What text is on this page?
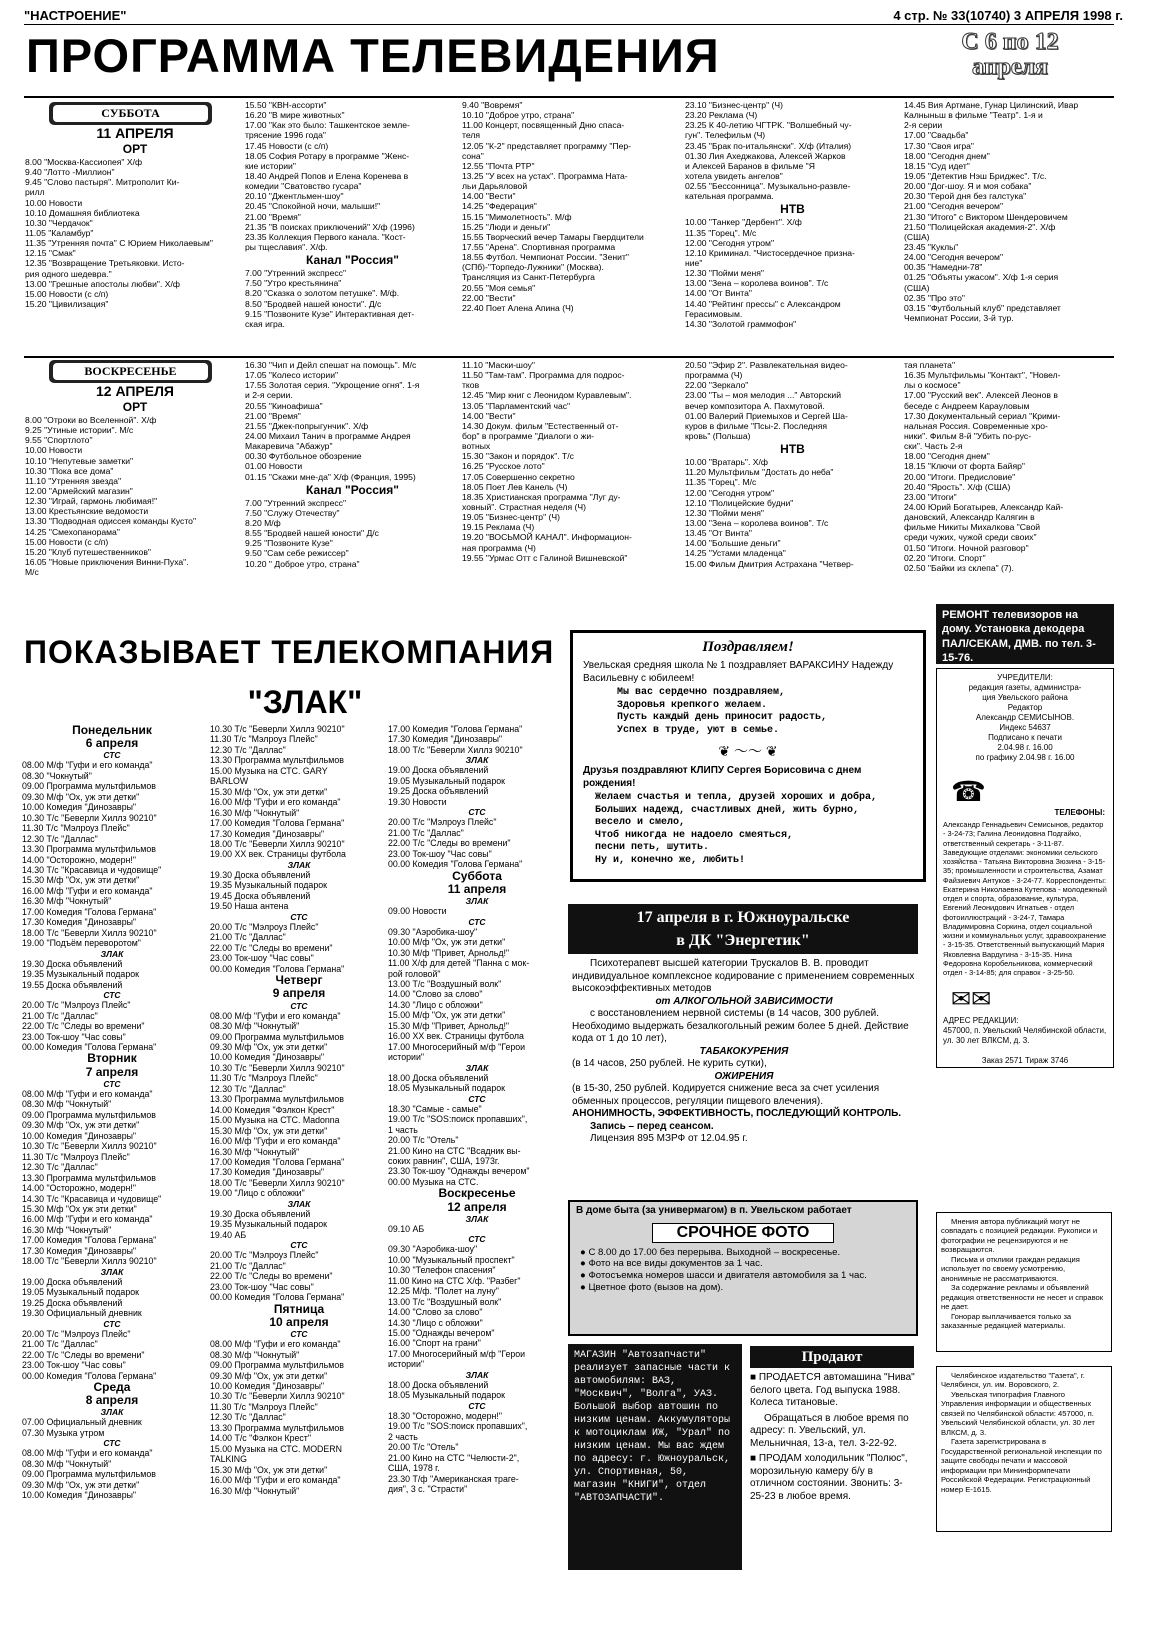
"НАСТРОЕНИЕ"	4 стр. № 33(10740) 3 АПРЕЛЯ 1998 г.
ПРОГРАММА ТЕЛЕВИДЕНИЯ	С 6 по 12 апреля
СУББОТА
11 АПРЕЛЯ
ОРТ
8.00 "Москва-Кассиопея" Х/ф
9.40 "Лотто -Миллион"
9.45 "Слово пастыря". Митрополит Ки-
рилл
10.00 Новости
10.10 Домашняя библиотека
10.30 "Чердачок"
11.05 "Каламбур"
11.35 "Утренняя почта" С Юрием Николаевым"
12.15 "Смак"
12.35 "Возвращение Третьяковки. Исто-
рия одного шедевра."
13.00 "Грешные апостолы любви". Х/ф
15.00 Новости (с с/п)
15.20 "Цивилизация"
15.50 "КВН-ассорти"
16.20 "В мире животных"
17.00 "Как это было: Ташкентское земле-
трясение 1996 года"
17.45 Новости (с с/п)
18.05 София Ротару в программе "Женс-
кие истории"
18.40 Андрей Попов и Елена Коренева в
комедии "Сватовство гусара"
20.10 "Джентльмен-шоу"
20.45 "Спокойной ночи, малыши!"
21.00 "Время"
21.35 "В поисках приключений" Х/ф (1996)
23.35 Коллекция Первого канала. "Кост-
ры тщеславия". Х/ф.
Канал "Россия"
7.00 "Утренний экспресс"
7.50 "Утро крестьянина"
8.20 "Сказка о золотом петушке". М/ф.
8.50 "Бродвей нашей юности". Д/с
9.15 "Позвоните Кузе" Интерактивная дет-
ская игра.
9.40 "Вовремя"
10.10 "Доброе утро, страна"
11.00 Концерт, посвященный Дню спаса-
теля
12.05 "К-2" представляет программу "Пер-
сона"
12.55 "Почта РТР"
13.25 "У всех на устах". Программа Ната-
льи Дарьяловой
14.00 "Вести"
14.25 "Федерация"
15.15 "Мимолетность". М/ф
15.25 "Люди и деньги"
15.55 Творческий вечер Тамары Гвердцители
17.55 "Арена". Спортивная программа
18.55 Футбол. Чемпионат России. "Зенит"
(СПб)-"Торпедо-Лужники" (Москва).
Трансляция из Санкт-Петербурга
20.55 "Моя семья"
22.00 "Вести"
22.40 Поет Алена Апина (Ч)
23.10 "Бизнес-центр" (Ч)
23.20 Реклама (Ч)
23.25 К 40-летию ЧГТРК. "Волшебный чу-
гун". Телефильм (Ч)
23.45 "Брак по-итальянски". Х/ф (Италия)
01.30 Лия Ахеджакова, Алексей Жарков
и Алексей Баранов в фильме "Я
хотела увидеть ангелов"
02.55 "Бессонница". Музыкально-развле-
кательная программа.
НТВ
10.00 "Танкер "Дербент". Х/ф
11.35 "Горец". М/с
12.00 "Сегодня утром"
12.10 Криминал. "Чистосердечное призна-
ние"
12.30 "Пойми меня"
13.00 "Зена – королева воинов". Т/с
14.00 "От Винта"
14.40 "Рейтинг прессы" с Александром
Герасимовым.
14.30 "Золотой граммофон"
14.45 Вия Артмане, Гунар Цилинский, Ивар
Калныньш в фильме "Театр". 1-я и
2-я серии
17.00 "Свадьба"
17.30 "Своя игра"
18.00 "Сегодня днем"
18.15 "Суд идет"
19.05 "Детектив Нэш Бриджес". Т/с.
20.00 "Дог-шоу. Я и моя собака"
20.30 "Герой дня без галстука"
21.00 "Сегодня вечером"
21.30 "Итого" с Виктором Шендеровичем
21.50 "Полицейская академия-2". Х/ф
(США)
23.45 "Куклы"
24.00 "Сегодня вечером"
00.35 "Намедни-78"
01.25 "Объяты ужасом". Х/ф 1-я серия
(США)
02.35 "Про это"
03.15 "Футбольный клуб" представляет
Чемпионат России, 3-й тур.
ВОСКРЕСЕНЬЕ
12 АПРЕЛЯ
ОРТ
8.00 "Отроки во Вселенной". Х/ф
9.25 "Утиные истории". М/с
9.55 "Спортлото"
10.00 Новости
10.10 "Непутевые заметки"
10.30 "Пока все дома"
11.10 "Утренняя звезда"
12.00 "Армейский магазин"
12.30 "Играй, гармонь любимая!"
13.00 Крестьянские ведомости
13.30 "Подводная одиссея команды Кусто"
14.25 "Смехопанорама"
15.00 Новости (с с/п)
15.20 "Клуб путешественников"
16.05 "Новые приключения Винни-Пуха".
М/с
16.30 "Чип и Дейл спешат на помощь". М/с
17.05 "Колесо истории"
17.55 Золотая серия. "Укрощение огня". 1-я
и 2-я серии.
20.55 "Киноафиша"
21.00 "Время"
21.55 "Джек-попрыгунчик". Х/ф
24.00 Михаил Танич в программе Андрея
Макаревича "Абажур"
00.30 Футбольное обозрение
01.00 Новости
01.15 "Скажи мне-да" Х/ф (Франция, 1995)
Канал "Россия"
7.00 "Утренний экспресс"
7.50 "Служу Отечеству"
8.20 М/ф
8.55 "Бродвей нашей юности" Д/с
9.25 "Позвоните Кузе"
9.50 "Сам себе режиссер"
10.20 " Доброе утро, страна"
11.10 "Маски-шоу"
11.50 "Там-там". Программа для подрос-
тков
12.45 "Мир книг с Леонидом Куравлевым".
13.05 "Парламентский час"
14.00 "Вести"
14.30 Докум. фильм "Естественный от-
бор" в программе "Диалоги о жи-
вотных
15.30 "Закон и порядок". Т/с
16.25 "Русское лото"
17.05 Совершенно секретно
18.05 Поет Лев Канель (Ч)
18.35 Христианская программа "Луг ду-
ховный". Страстная неделя (Ч)
19.05 "Бизнес-центр" (Ч)
19.15 Реклама (Ч)
19.20 "ВОСЬМОЙ КАНАЛ". Информацион-
ная программа (Ч)
19.55 "Урмас Отт с Галиной Вишневской"
20.50 "Эфир 2". Развлекательная видео-
программа (Ч)
22.00 "Зеркало"
23.00 "Ты – моя мелодия ..." Авторский
вечер композитора А. Пахмутовой.
01.00 Валерий Приемыхов и Сергей Ша-
куров в фильме "Псы-2. Последняя
кровь" (Польша)
НТВ
10.00 "Вратарь". Х/ф
11.20 Мультфильм "Достать до неба"
11.35 "Горец". М/с
12.00 "Сегодня утром"
12.10 "Полицейские будни"
12.30 "Пойми меня"
13.00 "Зена – королева воинов". Т/с
13.45 "От Винта"
14.00 "Большие деньги"
14.25 "Устами младенца"
15.00 Фильм Дмитрия Астрахана "Четвер-
тая планета"
16.35 Мультфильмы "Контакт", "Новел-
лы о космосе"
17.00 "Русский век". Алексей Леонов в
беседе с Андреем Карауловым
17.30 Документальный сериал "Крими-
нальная Россия. Современные хро-
ники". Фильм 8-й "Убить по-рус-
ски". Часть 2-я
18.00 "Сегодня днем"
18.15 "Ключи от форта Байяр"
20.00 "Итоги. Предисловие"
20.40 "Ярость". Х/ф (США)
23.00 "Итоги"
24.00 Юрий Богатырев, Александр Кай-
дановский, Александр Калягин в
фильме Никиты Михалкова "Свой
среди чужих, чужой среди своих"
01.50 "Итоги. Ночной разговор"
02.20 "Итоги. Спорт"
02.50 "Байки из склепа" (7).
ПОКАЗЫВАЕТ ТЕЛЕКОМПАНИЯ
"ЗЛАК"
Понедельник
6 апреля
СТС
08.00 М/ф "Гуфи и его команда"
08.30 "Чокнутый"
09.00 Программа мультфильмов
09.30 М/ф "Ох, уж эти детки"
10.00 Комедия "Динозавры"
10.30 Т/с "Беверли Хиллз 90210"
11.30 Т/с "Мэлроуз Плейс"
12.30 Т/с "Даллас"
13.30 Программа мультфильмов
14.00 "Осторожно, модерн!"
14.30 Т/с "Красавица и чудовище"
15.30 М/ф "Ох, уж эти детки"
16.00 М/ф "Гуфи и его команда"
16.30 М/ф "Чокнутый"
17.00 Комедия "Голова Германа"
17.30 Комедия "Динозавры"
18.00 Т/с "Беверли Хиллз 90210"
19.00 "Подъём переворотом"
ЗЛАК
19.30 Доска объявлений
19.35 Музыкальный подарок
19.55 Доска объявлений
СТС
20.00 Т/с "Мэлроуз Плейс"
21.00 Т/с "Даллас"
22.00 Т/с "Следы во времени"
23.00 Ток-шоу "Час совы"
00.00 Комедия "Голова Германа"
Вторник
7 апреля
СТС
08.00 М/ф "Гуфи и его команда"
08.30 М/ф "Чокнутый"
09.00 Программа мультфильмов
09.30 М/ф "Ох, уж эти детки"
10.00 Комедия "Динозавры"
10.30 Т/с "Беверли Хиллз 90210"
11.30 Т/с "Мэлроуз Плейс"
12.30 Т/с "Даллас"
13.30 Программа мультфильмов
14.00 "Осторожно, модерн!"
14.30 Т/с "Красавица и чудовище"
15.30 М/ф "Ох уж эти детки"
16.00 М/ф "Гуфи и его команда"
16.30 М/ф "Чокнутый"
17.00 Комедия "Голова Германа"
17.30 Комедия "Динозавры"
18.00 Т/с "Беверли Хиллз 90210"
ЗЛАК
19.00 Доска объявлений
19.05 Музыкальный подарок
19.25 Доска объявлений
19.30 Официальный дневник
СТС
20.00 Т/с "Мэлроуз Плейс"
21.00 Т/с "Даллас"
22.00 Т/с "Следы во времени"
23.00 Ток-шоу "Час совы"
00.00 Комедия "Голова Германа"
Среда
8 апреля
ЗЛАК
07.00 Официальный дневник
07.30 Музыка утром
СТС
08.00 М/ф "Гуфи и его команда"
08.30 М/ф "Чокнутый"
09.00 Программа мультфильмов
09.30 М/ф "Ох, уж эти детки"
10.00 Комедия "Динозавры"
10.30 Т/с "Беверли Хиллз 90210"
11.30 Т/с "Мэлроуз Плейс"
12.30 Т/с "Даллас"
13.30 Программа мультфильмов
15.00 Музыка на СТС. GARY
BARLOW
15.30 М/ф "Ох, уж эти детки"
16.00 М/ф "Гуфи и его команда"
16.30 М/ф "Чокнутый"
17.00 Комедия "Голова Германа"
17.30 Комедия "Динозавры"
18.00 Т/с "Беверли Хиллз 90210"
19.00 ХХ век. Страницы футбола
ЗЛАК
19.30 Доска объявлений
19.35 Музыкальный подарок
19.45 Доска объявлений
19.50 Наша антена
СТС
20.00 Т/с "Мэлроуз Плейс"
21.00 Т/с "Даллас"
22.00 Т/с "Следы во времени"
23.00 Ток-шоу "Час совы"
00.00 Комедия "Голова Германа"
Четверг
9 апреля
СТС
08.00 М/ф "Гуфи и его команда"
08.30 М/ф "Чокнутый"
09.00 Программа мультфильмов
09.30 М/ф "Ох, уж эти детки"
10.00 Комедия "Динозавры"
10.30 Т/с "Беверли Хиллз 90210"
11.30 Т/с "Мэлроуз Плейс"
12.30 Т/с "Даллас"
13.30 Программа мультфильмов
14.00 Комедия "Фэлкон Крест"
15.00 Музыка на СТС. Madonna
15.30 М/ф "Ох, уж эти детки"
16.00 М/ф "Гуфи и его команда"
16.30 М/ф "Чокнутый"
17.00 Комедия "Голова Германа"
17.30 Комедия "Динозавры"
18.00 Т/с "Беверли Хиллз 90210"
19.00 "Лицо с обложки"
ЗЛАК
19.30 Доска объявлений
19.35 Музыкальный подарок
19.40 АБ
СТС
20.00 Т/с "Мэлроуз Плейс"
21.00 Т/с "Даллас"
22.00 Т/с "Следы во времени"
23.00 Ток-шоу "Час совы"
00.00 Комедия "Голова Германа"
Пятница
10 апреля
СТС
08.00 М/ф "Гуфи и его команда"
08.30 М/ф "Чокнутый"
09.00 Программа мультфильмов
09.30 М/ф "Ох, уж эти детки"
10.00 Комедия "Динозавры"
10.30 Т/с "Беверли Хиллз 90210"
11.30 Т/с "Мэлроуз Плейс"
12.30 Т/с "Даллас"
13.30 Программа мультфильмов
14.00 Т/с "Фэлкон Крест"
15.00 Музыка на СТС. MODERN
TALKING
15.30 М/ф "Ох, уж эти детки"
16.00 М/ф "Гуфи и его команда"
16.30 М/ф "Чокнутый"
17.00 Комедия "Голова Германа"
17.30 Комедия "Динозавры"
18.00 Т/с "Беверли Хиллз 90210"
ЗЛАК
19.00 Доска объявлений
19.05 Музыкальный подарок
19.25 Доска объявлений
19.30 Новости
СТС
20.00 Т/с "Мэлроуз Плейс"
21.00 Т/с "Даллас"
22.00 Т/с "Следы во времени"
23.00 Ток-шоу "Час совы"
00.00 Комедия "Голова Германа"
Суббота
11 апреля
ЗЛАК
09.00 Новости
СТС
09.30 "Аэробика-шоу"
10.00 М/ф "Ох, уж эти детки"
10.30 М/ф "Привет, Арнольд!"
11.00 Х/ф для детей "Панна с мок-
рой головой"
13.00 Т/с "Воздушный волк"
14.00 "Слово за слово"
14.30 "Лицо с обложки"
15.00 М/ф "Ох, уж эти детки"
15.30 М/ф "Привет, Арнольд!"
16.00 ХХ век. Страницы футбола
17.00 Многосерийный м/ф "Герои
истории"
ЗЛАК
18.00 Доска объявлений
18.05 Музыкальный подарок
СТС
18.30 "Самые - самые"
19.00 Т/с "SOS:поиск пропавших",
1 часть
20.00 Т/с "Отель"
21.00 Кино на СТС "Всадник вы-
соких равнин", США, 1973г.
23.30 Ток-шоу "Однажды вечером"
00.00 Музыка на СТС.
Воскресенье
12 апреля
ЗЛАК
09.10 АБ
СТС
09.30 "Аэробика-шоу"
10.00 "Музыкальный проспект"
10.30 "Телефон спасения"
11.00 Кино на СТС Х/ф. "Разбег"
12.25 М/ф. "Полет на луну"
13.00 Т/с "Воздушный волк"
14.00 "Слово за слово"
14.30 "Лицо с обложки"
15.00 "Однажды вечером"
16.00 "Спорт на грани"
17.00 Многосерийный м/ф "Герои
истории"
ЗЛАК
18.00 Доска объявлений
18.05 Музыкальный подарок
СТС
18.30 "Осторожно, модерн!"
19.00 Т/с "SOS:поиск пропавших",
2 часть
20.00 Т/с "Отель"
21.00 Кино на СТС "Челюсти-2",
США, 1978 г.
23.30 Т/ф "Американская траге-
дия", 3 с. "Страсти"
Поздравляем!
Увельская средняя школа № 1 поздравляет ВАРАКСИНУ Надежду Васильевну с юбилеем!
Мы вас сердечно поздравляем,
Здоровья крепкого желаем.
Пусть каждый день приносит радость,
Успех в труде, уют в семье.
❦ ～～ ❦
Друзья поздравляют КЛИПУ Сергея Борисовича с днем рождения!
Желаем счастья и тепла, друзей хороших и добра,
Больших надежд, счастливых дней, жить бурно,
весело и смело,
Чтоб никогда не надоело смеяться,
песни петь, шутить.
Ну и, конечно же, любить!
17 апреля в г. Южноуральске
в ДК "Энергетик"
Психотерапевт высшей категории Трускалов В. В. проводит индивидуальное комплексное кодирование с применением современных высокоэффективных методов
от АЛКОГОЛЬНОЙ ЗАВИСИМОСТИ
с восстановлением нервной системы (в 14 часов, 300 рублей. Необходимо выдержать безалкогольный режим более 5 дней. Действие кода от 1 до 10 лет),
ТАБАКОКУРЕНИЯ
(в 14 часов, 250 рублей. Не курить сутки),
ОЖИРЕНИЯ
(в 15-30, 250 рублей. Кодируется снижение веса за счет усиления обменных процессов, регуляции пищевого влечения).
АНОНИМНОСТЬ, ЭФФЕКТИВНОСТЬ, ПОСЛЕДУЮЩИЙ КОНТРОЛЬ.
Запись – перед сеансом.
Лицензия 895 МЗРФ от 12.04.95 г.
В доме быта (за универмагом) в п. Увельском работает
СРОЧНОЕ ФОТО
● С 8.00 до 17.00 без перерыва. Выходной – воскресенье.
● Фото на все виды документов за 1 час.
● Фотосъемка номеров шасси и двигателя автомобиля за 1 час.
● Цветное фото (вызов на дом).
МАГАЗИН "Автозапчасти" реализует запасные части к автомобилям: ВАЗ, "Москвич", "Волга", УАЗ. Большой выбор автошин по низким ценам. Аккумуляторы к мотоциклам ИЖ, "Урал" по низким ценам. Мы вас ждем по адресу: г. Южноуральск, ул. Спортивная, 50, магазин "КНИГИ", отдел "АВТОЗАПЧАСТИ".
Продают
■ ПРОДАЕТСЯ автомашина "Нива" белого цвета. Год выпуска 1988. Колеса титановые.
Обращаться в любое время по адресу: п. Увельский, ул. Мельничная, 13-а, тел. 3-22-92.
■ ПРОДАМ холодильник "Полюс", морозильную камеру б/у в отличном состоянии. Звонить: 3-25-23 в любое время.
РЕМОНТ телевизоров на дому. Установка декодера ПАЛ/СЕКАМ, ДМВ. по тел. 3-15-76.
УЧРЕДИТЕЛИ:
редакция газеты, администра-
ция Увельского района
Редактор
Александр СЕМИСЫНОВ.
Индекс 54637
Подписано к печати
2.04.98 г. 16.00
по графику 2.04.98 г. 16.00
☎
ТЕЛЕФОНЫ:
Александр Геннадьевич Семисынов, редактор - 3-24-73; Галина Леонидовна Подгайко, ответственный секретарь - 3-11-87. Заведующие отделами: экономики сельского хозяйства - Татьяна Викторовна Зюзина - 3-15-35; промышленности и строительства, Азамат Файзиевич Антуков - 3-24-77. Корреспонденты: Екатерина Николаевна Кутепова - молодежный отдел и спорта, образование, культура, Евгений Леонидович Игнатьев - отдел фотоиллюстраций - 3-24-7, Тамара Владимировна Соркина, отдел социальной жизни и коммунальных услуг, здравоохранение - 3-15-35. Ответственный выпускающий Мария Яковлевна Вардугина - 3-15-35. Нина Федоровна Коробельникова, коммерческий отдел - 3-14-85; для справок - 3-25-50.
✉✉
АДРЕС РЕДАКЦИИ:
457000, п. Увельский Челябинской области, ул. 30 лет ВЛКСМ, д. 3.
Заказ 2571 Тираж 3746
Мнения автора публикаций могут не совпадать с позицией редакции. Рукописи и фотографии не рецензируются и не возвращаются.
Письма и отклики граждан редакция использует по своему усмотрению, анонимные не рассматриваются.
За содержание рекламы и объявлений редакция ответственности не несет и справок не дает.
Гонорар выплачивается только за заказанные редакцией материалы.
Челябинское издательство "Газета", г. Челябинск, ул. им. Воровского, 2.
Увельская типография Главного Управления информации и общественных связей по Челябинской области: 457000, п. Увельский Челябинской области, ул. 30 лет ВЛКСМ, д. 3.
Газета зарегистрирована в Государственной региональной инспекции по защите свободы печати и массовой информации при Мининформпечати Российской Федерации. Регистрационный номер Е-1615.
